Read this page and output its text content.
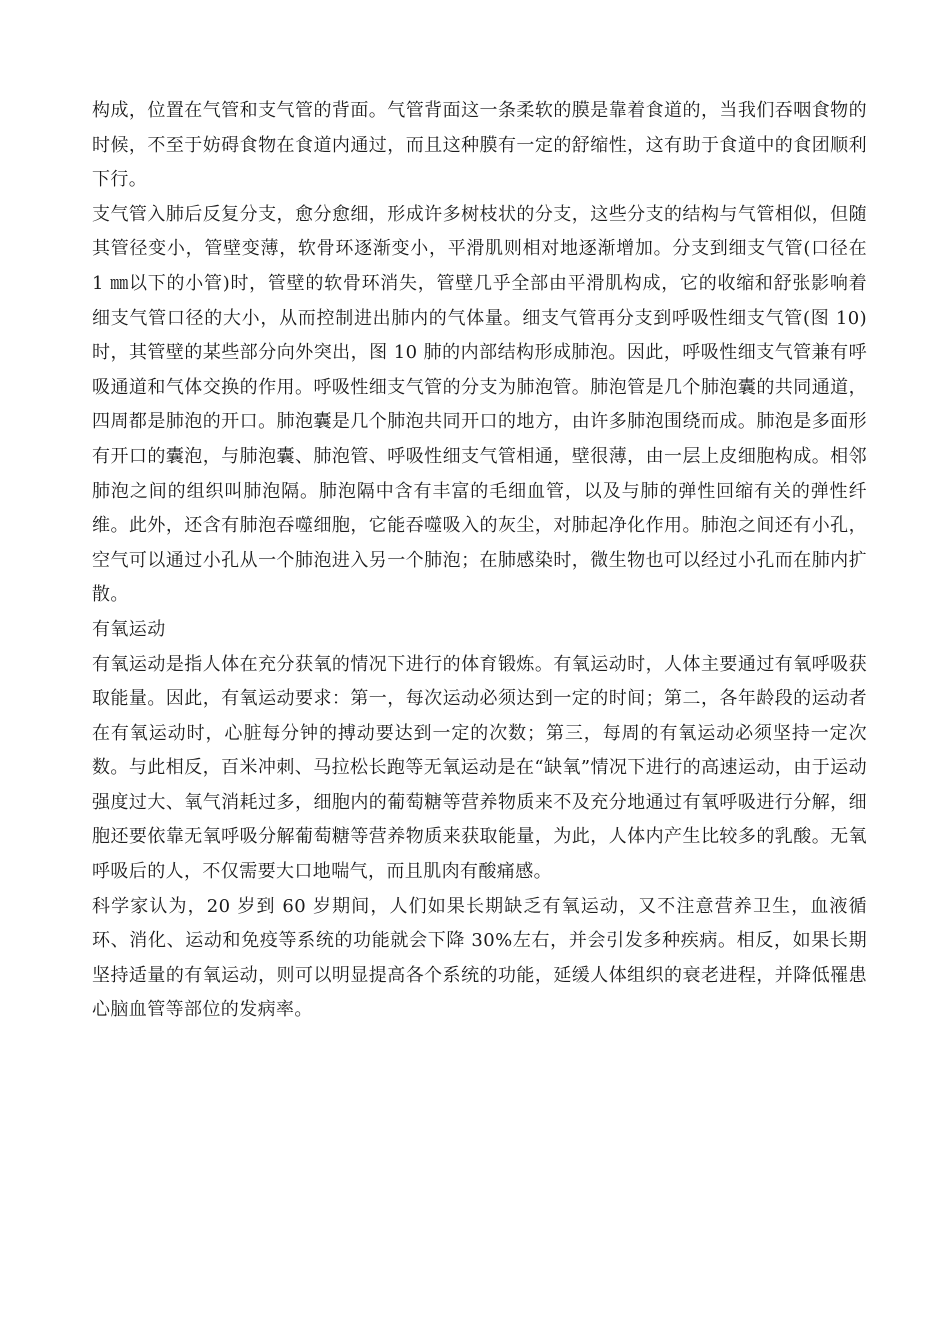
构成，位置在气管和支气管的背面。气管背面这一条柔软的膜是靠着食道的，当我们吞咽食物的时候，不至于妨碍食物在食道内通过，而且这种膜有一定的舒缩性，这有助于食道中的食团顺利下行。

支气管入肺后反复分支，愈分愈细，形成许多树枝状的分支，这些分支的结构与气管相似，但随其管径变小，管壁变薄，软骨环逐渐变小，平滑肌则相对地逐渐增加。分支到细支气管(口径在 1 ㎜以下的小管)时，管壁的软骨环消失，管壁几乎全部由平滑肌构成，它的收缩和舒张影响着细支气管口径的大小，从而控制进出肺内的气体量。细支气管再分支到呼吸性细支气管(图 10)时，其管壁的某些部分向外突出，图 10 肺的内部结构形成肺泡。因此，呼吸性细支气管兼有呼吸通道和气体交换的作用。呼吸性细支气管的分支为肺泡管。肺泡管是几个肺泡囊的共同通道，四周都是肺泡的开口。肺泡囊是几个肺泡共同开口的地方，由许多肺泡围绕而成。肺泡是多面形有开口的囊泡，与肺泡囊、肺泡管、呼吸性细支气管相通，壁很薄，由一层上皮细胞构成。相邻肺泡之间的组织叫肺泡隔。肺泡隔中含有丰富的毛细血管，以及与肺的弹性回缩有关的弹性纤维。此外，还含有肺泡吞噬细胞，它能吞噬吸入的灰尘，对肺起净化作用。肺泡之间还有小孔，空气可以通过小孔从一个肺泡进入另一个肺泡；在肺感染时，微生物也可以经过小孔而在肺内扩散。

有氧运动

有氧运动是指人体在充分获氧的情况下进行的体育锻炼。有氧运动时，人体主要通过有氧呼吸获取能量。因此，有氧运动要求：第一，每次运动必须达到一定的时间；第二，各年龄段的运动者在有氧运动时，心脏每分钟的搏动要达到一定的次数；第三，每周的有氧运动必须坚持一定次数。与此相反，百米冲刺、马拉松长跑等无氧运动是在“缺氧”情况下进行的高速运动，由于运动强度过大、氧气消耗过多，细胞内的葡萄糖等营养物质来不及充分地通过有氧呼吸进行分解，细胞还要依靠无氧呼吸分解葡萄糖等营养物质来获取能量，为此，人体内产生比较多的乳酸。无氧呼吸后的人，不仅需要大口地喘气，而且肌肉有酸痛感。

科学家认为，20 岁到 60 岁期间，人们如果长期缺乏有氧运动，又不注意营养卫生，血液循环、消化、运动和免疫等系统的功能就会下降 30%左右，并会引发多种疾病。相反，如果长期坚持适量的有氧运动，则可以明显提高各个系统的功能，延缓人体组织的衰老进程，并降低罹患心脑血管等部位的发病率。
